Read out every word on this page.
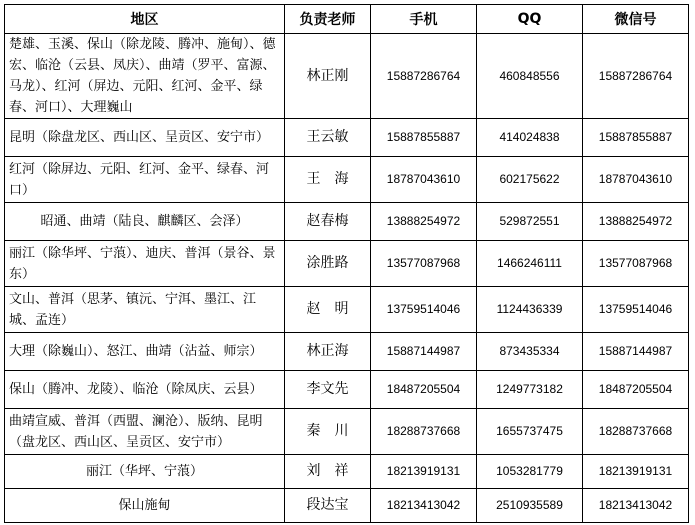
地区	负责老师	手机	QQ	微信号
楚雄、玉溪、保山（除龙陵、腾冲、施甸）、德宏、临沧（云县、凤庆）、曲靖（罗平、富源、马龙）、红河（屏边、元阳、红河、金平、绿春、河口）、大理巍山	林正刚	15887286764	460848556	15887286764
昆明（除盘龙区、西山区、呈贡区、安宁市）	王云敏	15887855887	414024838	15887855887
红河（除屏边、元阳、红河、金平、绿春、河口）	王　海	18787043610	602175622	18787043610
昭通、曲靖（陆良、麒麟区、会泽）	赵春梅	13888254972	529872551	13888254972
丽江（除华坪、宁蒗）、迪庆、普洱（景谷、景东）	涂胜路	13577087968	1466246111	13577087968
文山、普洱（思茅、镇沅、宁洱、墨江、江城、孟连）	赵　明	13759514046	1124436339	13759514046
大理（除巍山）、怒江、曲靖（沾益、师宗）	林正海	15887144987	873435334	15887144987
保山（腾冲、龙陵）、临沧（除凤庆、云县）	李文先	18487205504	1249773182	18487205504
曲靖宣威、普洱（西盟、澜沧）、版纳、昆明（盘龙区、西山区、呈贡区、安宁市）	秦　川	18288737668	1655737475	18288737668
丽江（华坪、宁蒗）	刘　祥	18213919131	1053281779	18213919131
保山施甸	段达宝	18213413042	2510935589	18213413042
